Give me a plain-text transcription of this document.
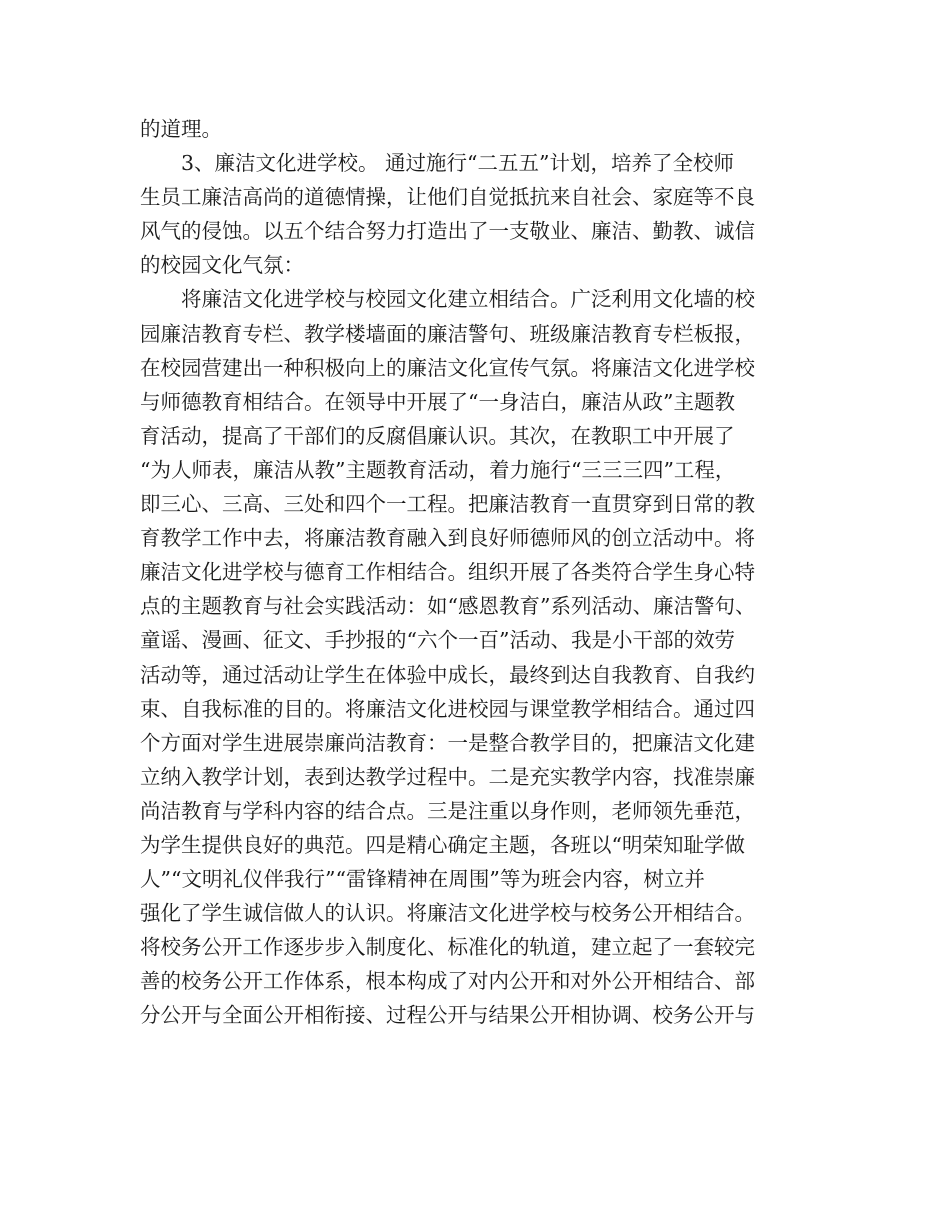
的道理。
3、廉洁文化进学校。 通过施行“二五五”计划，培养了全校师
生员工廉洁高尚的道德情操，让他们自觉抵抗来自社会、家庭等不良
风气的侵蚀。以五个结合努力打造出了一支敬业、廉洁、勤教、诚信
的校园文化气氛：
将廉洁文化进学校与校园文化建立相结合。广泛利用文化墙的校
园廉洁教育专栏、教学楼墙面的廉洁警句、班级廉洁教育专栏板报，
在校园营建出一种积极向上的廉洁文化宣传气氛。将廉洁文化进学校
与师德教育相结合。在领导中开展了“一身洁白，廉洁从政”主题教
育活动，提高了干部们的反腐倡廉认识。其次，在教职工中开展了
“为人师表，廉洁从教”主题教育活动，着力施行“三三三四”工程，
即三心、三高、三处和四个一工程。把廉洁教育一直贯穿到日常的教
育教学工作中去，将廉洁教育融入到良好师德师风的创立活动中。将
廉洁文化进学校与德育工作相结合。组织开展了各类符合学生身心特
点的主题教育与社会实践活动：如“感恩教育”系列活动、廉洁警句、
童谣、漫画、征文、手抄报的“六个一百”活动、我是小干部的效劳
活动等，通过活动让学生在体验中成长，最终到达自我教育、自我约
束、自我标准的目的。将廉洁文化进校园与课堂教学相结合。通过四
个方面对学生进展崇廉尚洁教育：一是整合教学目的，把廉洁文化建
立纳入教学计划，表到达教学过程中。二是充实教学内容，找准崇廉
尚洁教育与学科内容的结合点。三是注重以身作则，老师领先垂范，
为学生提供良好的典范。四是精心确定主题，各班以“明荣知耻学做
人”“文明礼仪伴我行”“雷锋精神在周围”等为班会内容，树立并
强化了学生诚信做人的认识。将廉洁文化进学校与校务公开相结合。
将校务公开工作逐步步入制度化、标准化的轨道，建立起了一套较完
善的校务公开工作体系，根本构成了对内公开和对外公开相结合、部
分公开与全面公开相衔接、过程公开与结果公开相协调、校务公开与
